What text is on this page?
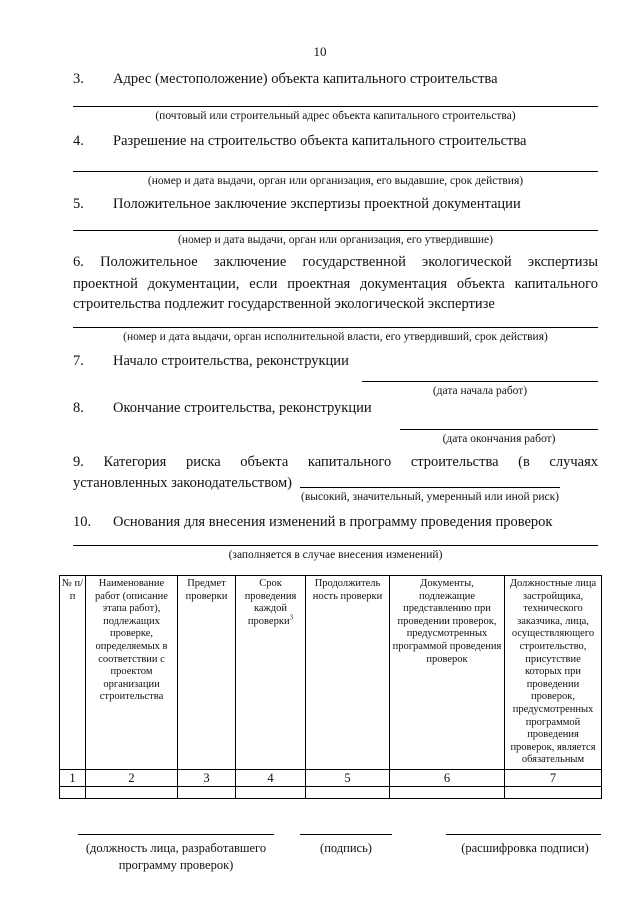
10
3. Адрес (местоположение) объекта капитального строительства
(почтовый или строительный адрес объекта капитального строительства)
4. Разрешение на строительство объекта капитального строительства
(номер и дата выдачи, орган или организация, его выдавшие, срок действия)
5. Положительное заключение экспертизы проектной документации
(номер и дата выдачи, орган или организация, его утвердившие)
6. Положительное заключение государственной экологической экспертизы
проектной документации, если проектная документация объекта капитального
строительства подлежит государственной экологической экспертизе
(номер и дата выдачи, орган исполнительной власти, его утвердивший, срок действия)
7. Начало строительства, реконструкции
(дата начала работ)
8. Окончание строительства, реконструкции
(дата окончания работ)
9. Категория риска объекта капитального строительства (в случаях
установленных законодательством)
(высокий, значительный, умеренный или иной риск)
10. Основания для внесения изменений в программу проведения проверок
(заполняется в случае внесения изменений)
№ п/п	Наименование работ (описание этапа работ), подлежащих проверке, определяемых в соответствии с проектом организации строительства	Предмет проверки	Срок проведения каждой проверки$^3$	Продолжитель ность проверки	Документы, подлежащие представлению при проведении проверок, предусмотренных программой проведения проверок	Должностные лица застройщика, технического заказчика, лица, осуществляющего строительство, присутствие которых при проведении проверок, предусмотренных программой проведения проверок, является обязательным
1	2	3	4	5	6	7

(должность лица, разработавшего программу проверок)
(подпись)	(расшифровка подписи)
